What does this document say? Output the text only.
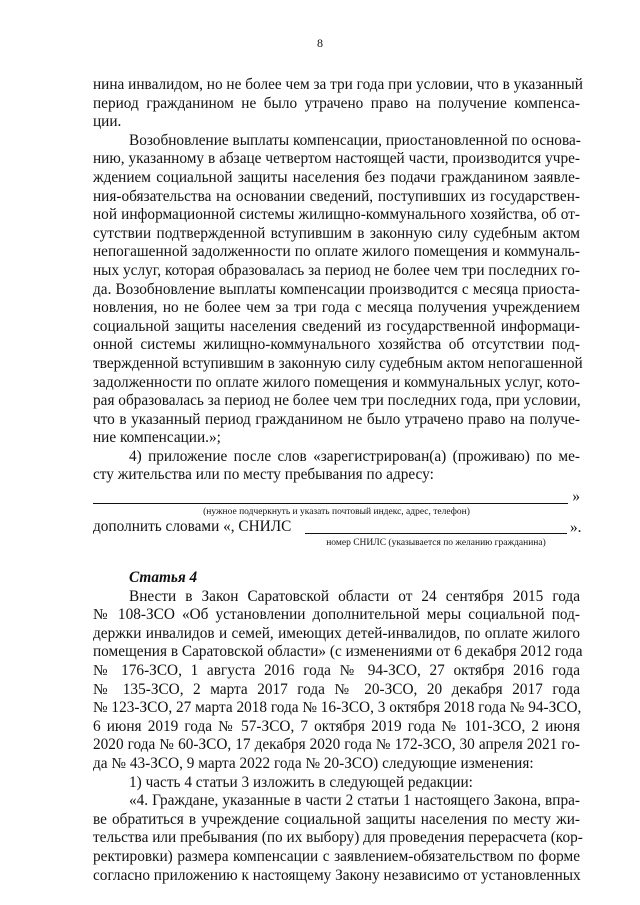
8

нина инвалидом, но не более чем за три года при условии, что в указанный
период гражданином не было утрачено право на получение компенса-
ции.

Возобновление выплаты компенсации, приостановленной по основа-
нию, указанному в абзаце четвертом настоящей части, производится учре-
ждением социальной защиты населения без подачи гражданином заявле-
ния-обязательства на основании сведений, поступивших из государствен-
ной информационной системы жилищно-коммунального хозяйства, об от-
сутствии подтвержденной вступившим в законную силу судебным актом
непогашенной задолженности по оплате жилого помещения и коммуналь-
ных услуг, которая образовалась за период не более чем три последних го-
да. Возобновление выплаты компенсации производится с месяца приоста-
новления, но не более чем за три года с месяца получения учреждением
социальной защиты населения сведений из государственной информаци-
онной системы жилищно-коммунального хозяйства об отсутствии под-
твержденной вступившим в законную силу судебным актом непогашенной
задолженности по оплате жилого помещения и коммунальных услуг, кото-
рая образовалась за период не более чем три последних года, при условии,
что в указанный период гражданином не было утрачено право на получе-
ние компенсации.»;

4) приложение после слов «зарегистрирован(а) (проживаю) по ме-
сту жительства или по месту пребывания по адресу:

»
(нужное подчеркнуть и указать почтовый индекс, адрес, телефон)
дополнить словами «, СНИЛС	».
номер СНИЛС (указывается по желанию гражданина)

Статья 4

Внести в Закон Саратовской области от 24 сентября 2015 года
№ 108-ЗСО «Об установлении дополнительной меры социальной под-
держки инвалидов и семей, имеющих детей-инвалидов, по оплате жилого
помещения в Саратовской области» (с изменениями от 6 декабря 2012 года
№ 176-ЗСО, 1 августа 2016 года № 94-ЗСО, 27 октября 2016 года
№ 135-ЗСО, 2 марта 2017 года № 20-ЗСО, 20 декабря 2017 года
№ 123-ЗСО, 27 марта 2018 года № 16-ЗСО, 3 октября 2018 года № 94-ЗСО,
6 июня 2019 года № 57-ЗСО, 7 октября 2019 года № 101-ЗСО, 2 июня
2020 года № 60-ЗСО, 17 декабря 2020 года № 172-ЗСО, 30 апреля 2021 го-
да № 43-ЗСО, 9 марта 2022 года № 20-ЗСО) следующие изменения:

1) часть 4 статьи 3 изложить в следующей редакции:

«4. Граждане, указанные в части 2 статьи 1 настоящего Закона, впра-
ве обратиться в учреждение социальной защиты населения по месту жи-
тельства или пребывания (по их выбору) для проведения перерасчета (кор-
ректировки) размера компенсации с заявлением-обязательством по форме
согласно приложению к настоящему Закону независимо от установленных
